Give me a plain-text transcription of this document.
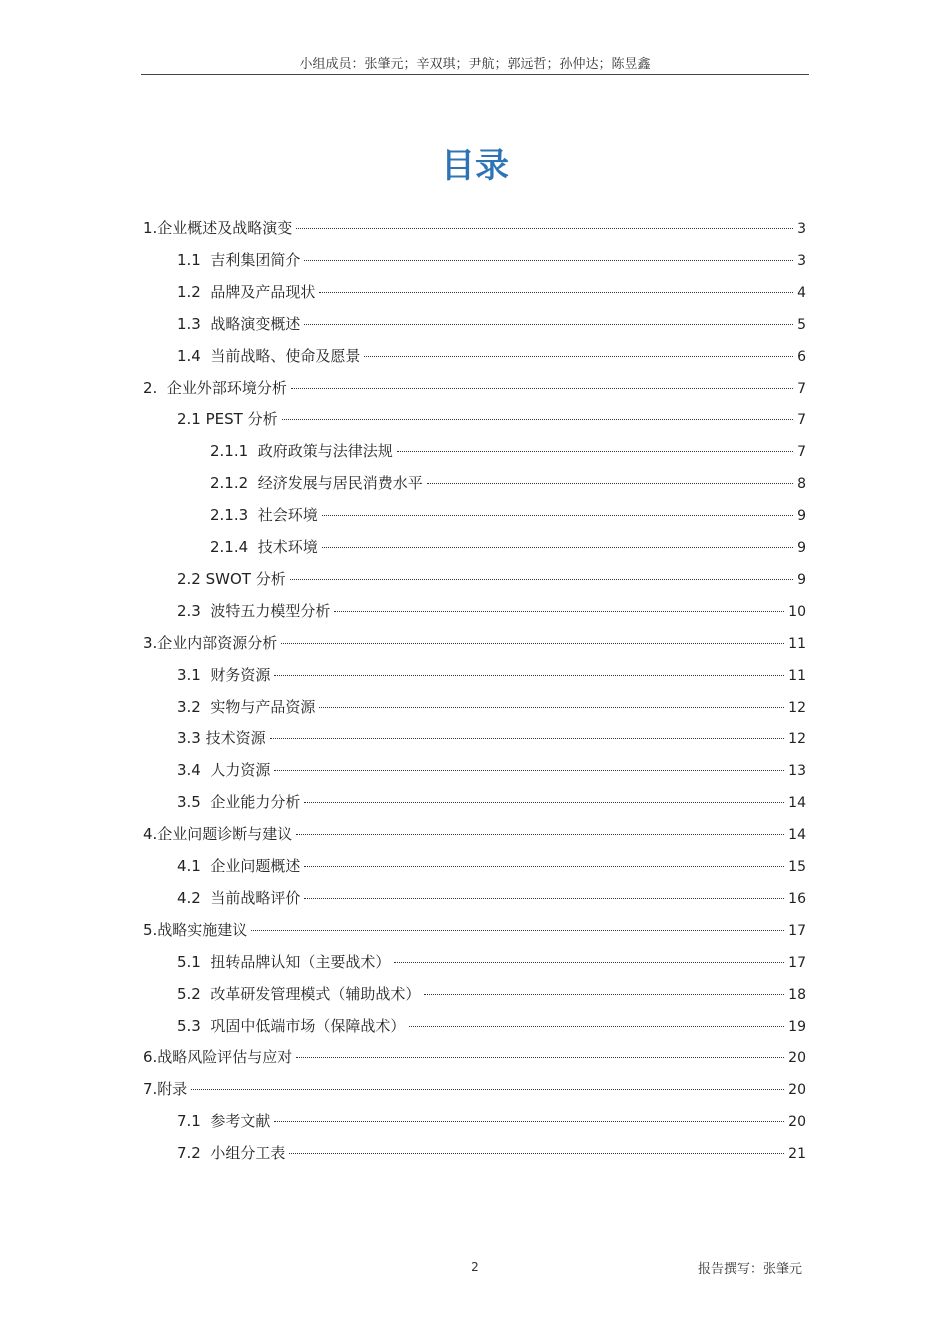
小组成员：张肇元；辛双琪；尹航；郭远哲；孙仲达；陈昱鑫
目录
1.企业概述及战略演变	3
1.1  吉利集团简介	3
1.2  品牌及产品现状	4
1.3  战略演变概述	5
1.4  当前战略、使命及愿景	6
2.  企业外部环境分析	7
2.1 PEST 分析	7
2.1.1  政府政策与法律法规	7
2.1.2  经济发展与居民消费水平	8
2.1.3  社会环境	9
2.1.4  技术环境	9
2.2 SWOT 分析	9
2.3  波特五力模型分析	10
3.企业内部资源分析	11
3.1  财务资源	11
3.2  实物与产品资源	12
3.3 技术资源	12
3.4  人力资源	13
3.5  企业能力分析	14
4.企业问题诊断与建议	14
4.1  企业问题概述	15
4.2  当前战略评价	16
5.战略实施建议	17
5.1  扭转品牌认知（主要战术）	17
5.2  改革研发管理模式（辅助战术）	18
5.3  巩固中低端市场（保障战术）	19
6.战略风险评估与应对	20
7.附录	20
7.1  参考文献	20
7.2  小组分工表	21
2	报告撰写：张肇元
